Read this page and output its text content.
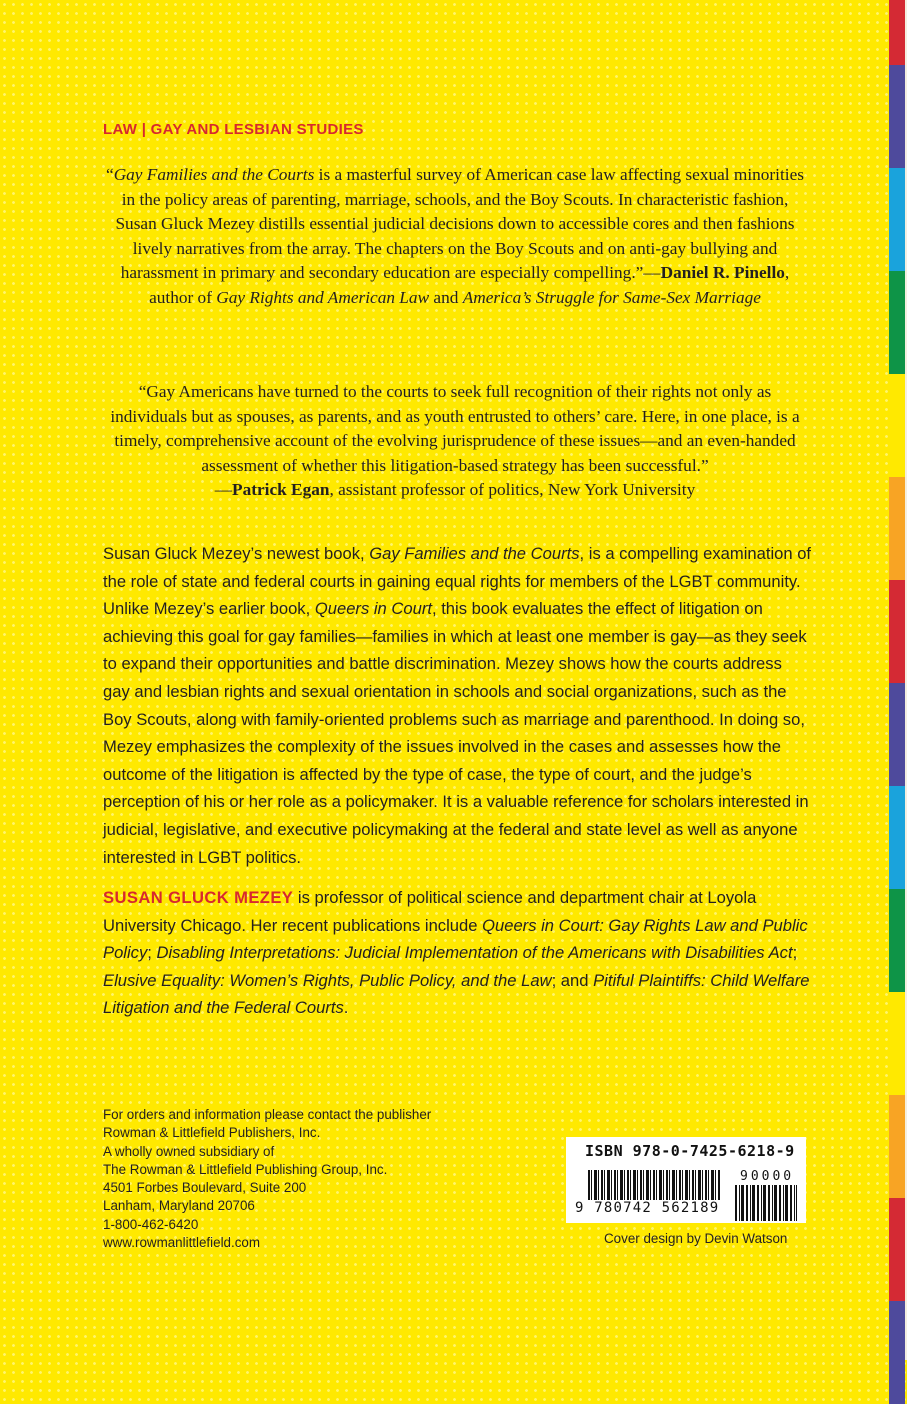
LAW | GAY AND LESBIAN STUDIES
“Gay Families and the Courts is a masterful survey of American case law affecting sexual minorities in the policy areas of parenting, marriage, schools, and the Boy Scouts. In characteristic fashion, Susan Gluck Mezey distills essential judicial decisions down to accessible cores and then fashions lively narratives from the array. The chapters on the Boy Scouts and on anti-gay bullying and harassment in primary and secondary education are especially compelling.”—Daniel R. Pinello, author of Gay Rights and American Law and America’s Struggle for Same-Sex Marriage
“Gay Americans have turned to the courts to seek full recognition of their rights not only as individuals but as spouses, as parents, and as youth entrusted to others’ care. Here, in one place, is a timely, comprehensive account of the evolving jurisprudence of these issues—and an even-handed assessment of whether this litigation-based strategy has been successful.”
—Patrick Egan, assistant professor of politics, New York University
Susan Gluck Mezey’s newest book, Gay Families and the Courts, is a compelling examination of the role of state and federal courts in gaining equal rights for members of the LGBT community. Unlike Mezey’s earlier book, Queers in Court, this book evaluates the effect of litigation on achieving this goal for gay families—families in which at least one member is gay—as they seek to expand their opportunities and battle discrimination. Mezey shows how the courts address gay and lesbian rights and sexual orientation in schools and social organizations, such as the Boy Scouts, along with family-oriented problems such as marriage and parenthood. In doing so, Mezey emphasizes the complexity of the issues involved in the cases and assesses how the outcome of the litigation is affected by the type of case, the type of court, and the judge’s perception of his or her role as a policymaker. It is a valuable reference for scholars interested in judicial, legislative, and executive policymaking at the federal and state level as well as anyone interested in LGBT politics.
SUSAN GLUCK MEZEY is professor of political science and department chair at Loyola University Chicago. Her recent publications include Queers in Court: Gay Rights Law and Public Policy; Disabling Interpretations: Judicial Implementation of the Americans with Disabilities Act; Elusive Equality: Women’s Rights, Public Policy, and the Law; and Pitiful Plaintiffs: Child Welfare Litigation and the Federal Courts.
For orders and information please contact the publisher
Rowman & Littlefield Publishers, Inc.
A wholly owned subsidiary of
The Rowman & Littlefield Publishing Group, Inc.
4501 Forbes Boulevard, Suite 200
Lanham, Maryland 20706
1-800-462-6420
www.rowmanlittlefield.com
ISBN 978-0-7425-6218-9
90000
9 780742 562189
Cover design by Devin Watson
